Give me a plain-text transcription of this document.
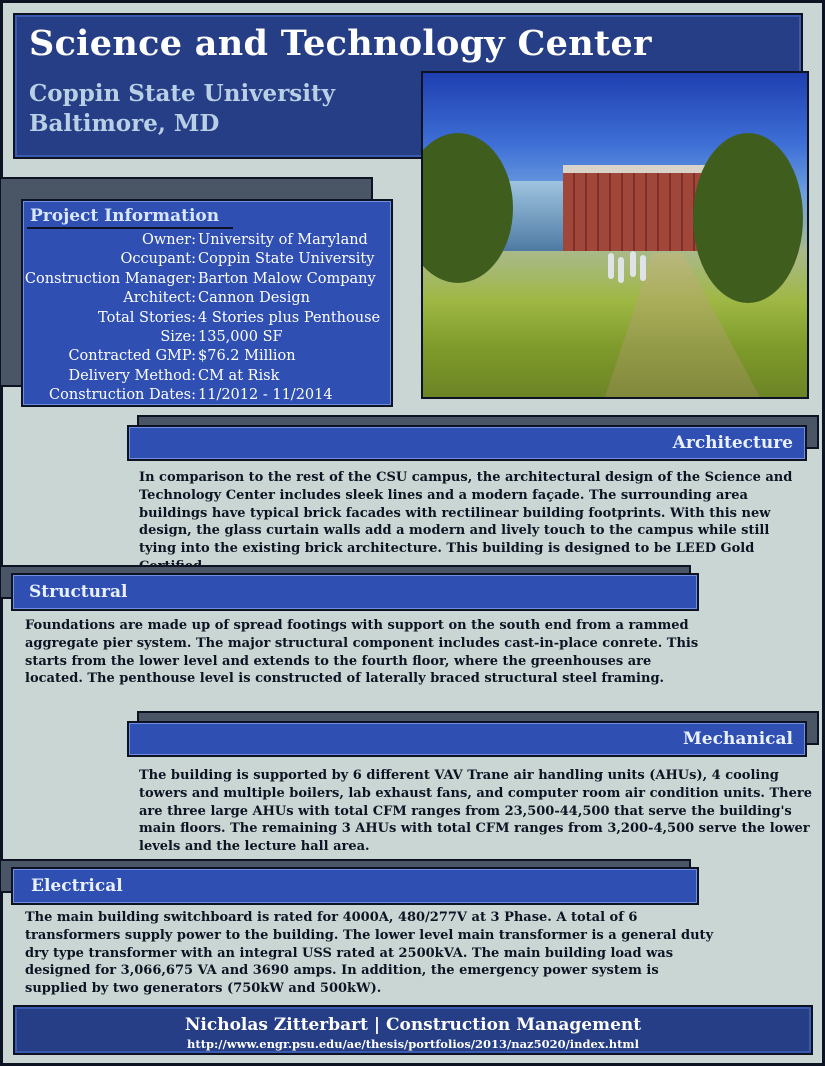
Science and Technology Center
Coppin State University
Baltimore, MD
Project Information
Owner: University of Maryland
Occupant: Coppin State University
Construction Manager: Barton Malow Company
Architect: Cannon Design
Total Stories: 4 Stories plus Penthouse
Size: 135,000 SF
Contracted GMP: $76.2 Million
Delivery Method: CM at Risk
Construction Dates: 11/2012 - 11/2014
Architecture
In comparison to the rest of the CSU campus, the architectural design of the Science and Technology Center includes sleek lines and a modern façade. The surrounding area buildings have typical brick facades with rectilinear building footprints. With this new design, the glass curtain walls add a modern and lively touch to the campus while still tying into the existing brick architecture. This building is designed to be LEED Gold
Structural
Foundations are made up of spread footings with support on the south end from a rammed aggregate pier system. The major structural component includes cast-in-place conrete. This starts from the lower level and extends to the fourth floor, where the greenhouses are located. The penthouse level is constructed of laterally braced structural steel framing.
Mechanical
The building is supported by 6 different VAV Trane air handling units (AHUs), 4 cooling towers and multiple boilers, lab exhaust fans, and computer room air condition units. There are three large AHUs with total CFM ranges from 23,500-44,500 that serve the building's main floors. The remaining 3 AHUs with total CFM ranges from 3,200-4,500 serve the lower levels and the lecture hall area.
Electrical
The main building switchboard is rated for 4000A, 480/277V at 3 Phase. A total of 6 transformers supply power to the building. The lower level main transformer is a general duty dry type transformer with an integral USS rated at 2500kVA. The main building load was designed for 3,066,675 VA and 3690 amps. In addition, the emergency power system is supplied by two generators (750kW and 500kW).
Nicholas Zitterbart | Construction Management
http://www.engr.psu.edu/ae/thesis/portfolios/2013/naz5020/index.html
